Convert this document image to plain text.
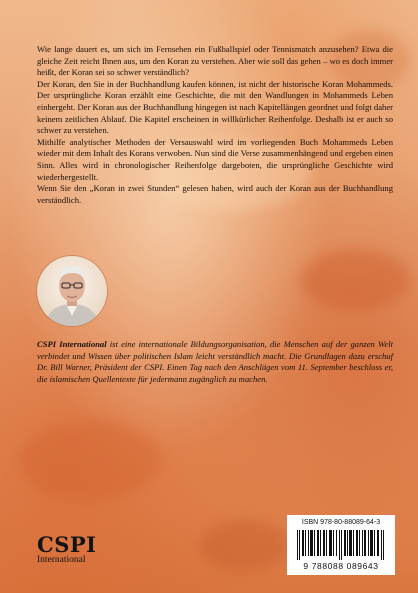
Wie lange dauert es, um sich im Fernsehen ein Fußballspiel oder Tennismatch anzusehen? Etwa die gleiche Zeit reicht Ihnen aus, um den Koran zu verstehen. Aber wie soll das gehen – wo es doch immer heißt, der Koran sei so schwer verständlich?

Der Koran, den Sie in der Buchhandlung kaufen können, ist nicht der historische Koran Mohammeds. Der ursprüngliche Koran erzählt eine Geschichte, die mit den Wandlungen in Mohammeds Leben einhergeht. Der Koran aus der Buchhandlung hingegen ist nach Kapitellängen geordnet und folgt daher keinem zeitlichen Ablauf. Die Kapitel erscheinen in willkürlicher Reihenfolge. Deshalb ist er auch so schwer zu verstehen.

Mithilfe analytischer Methoden der Versauswahl wird im vorliegenden Buch Mohammeds Leben wieder mit dem Inhalt des Korans verwoben. Nun sind die Verse zusammenhängend und ergeben einen Sinn. Alles wird in chronologischer Reihenfolge dargeboten, die ursprüngliche Geschichte wird wiederhergestellt.

Wenn Sie den „Koran in zwei Stunden“ gelesen haben, wird auch der Koran aus der Buchhandlung verständlich.

CSPI International ist eine internationale Bildungsorganisation, die Menschen auf der ganzen Welt verbindet und Wissen über politischen Islam leicht verständlich macht. Die Grundlagen dazu erschuf Dr. Bill Warner, Präsident der CSPI. Einen Tag nach den Anschlägen vom 11. September beschloss er, die islamischen Quellentexte für jedermann zugänglich zu machen.
CSPI
International
ISBN 978-80-88089-64-3
9 788088 089643
